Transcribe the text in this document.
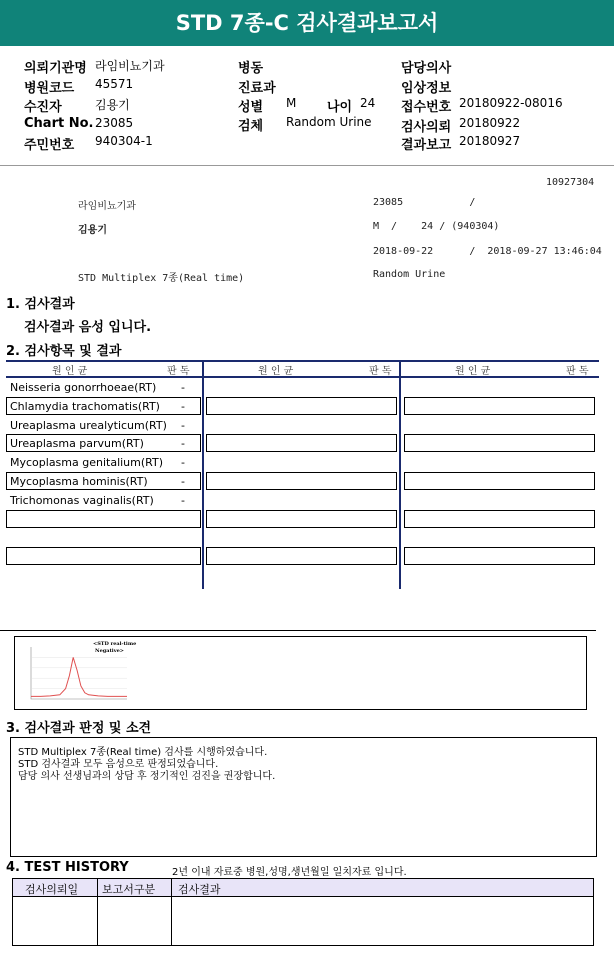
STD 7종-C 검사결과보고서
의뢰기관명 라임비뇨기과
병원코드 45571
수진자	김용기
Chart No. 23085
주민번호 940304-1
병동
진료과
성별 M 나이 24
검체 Random Urine
담당의사
임상정보
접수번호 20180922-08016
검사의뢰 20180922
결과보고 20180927
10927304
라임비뇨기과	23085           /
김용기	M  /    24 / (940304)
2018-09-22      /  2018-09-27 13:46:04
STD Multiplex 7종(Real time)	Random Urine
1. 검사결과
검사결과 음성 입니다.
2. 검사항목 및 결과
원 인 균	판 독	원 인 균	판 독	원 인 균	판 독
Neisseria gonorrhoeae(RT) -
Chlamydia trachomatis(RT) -
Ureaplasma urealyticum(RT) -
Ureaplasma parvum(RT)	-
Mycoplasma genitalium(RT) -
Mycoplasma hominis(RT)	-
Trichomonas vaginalis(RT) -
<STD real-time
Negative>
3. 검사결과 판정 및 소견
STD Multiplex 7종(Real time) 검사를 시행하였습니다.
STD 검사결과 모두 음성으로 판정되었습니다.
담당 의사 선생님과의 상담 후 정기적인 검진을 권장합니다.
4. TEST HISTORY	2년 이내 자료중 병원,성명,생년월일 일치자료 입니다.
검사의뢰일 보고서구분 검사결과
